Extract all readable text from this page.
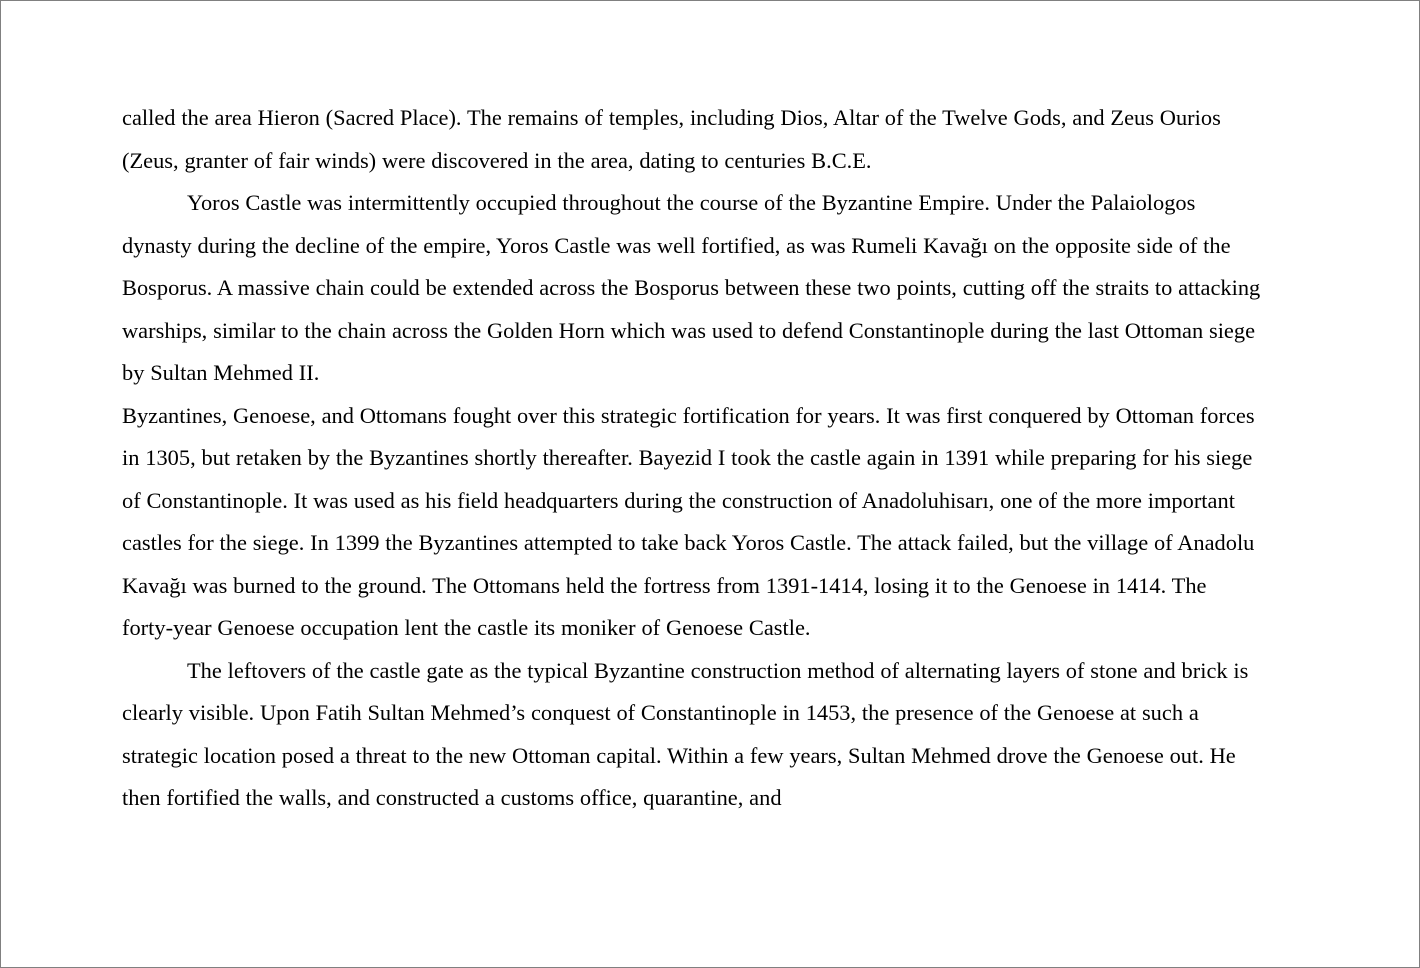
called the area Hieron (Sacred Place). The remains of temples, including Dios, Altar of the Twelve Gods, and Zeus Ourios (Zeus, granter of fair winds) were discovered in the area, dating to centuries B.C.E.

Yoros Castle was intermittently occupied throughout the course of the Byzantine Empire. Under the Palaiologos dynasty during the decline of the empire, Yoros Castle was well fortified, as was Rumeli Kavağı on the opposite side of the Bosporus. A massive chain could be extended across the Bosporus between these two points, cutting off the straits to attacking warships, similar to the chain across the Golden Horn which was used to defend Constantinople during the last Ottoman siege by Sultan Mehmed II.

Byzantines, Genoese, and Ottomans fought over this strategic fortification for years. It was first conquered by Ottoman forces in 1305, but retaken by the Byzantines shortly thereafter. Bayezid I took the castle again in 1391 while preparing for his siege of Constantinople. It was used as his field headquarters during the construction of Anadoluhisarı, one of the more important castles for the siege. In 1399 the Byzantines attempted to take back Yoros Castle. The attack failed, but the village of Anadolu Kavağı was burned to the ground. The Ottomans held the fortress from 1391-1414, losing it to the Genoese in 1414. The forty-year Genoese occupation lent the castle its moniker of Genoese Castle.

The leftovers of the castle gate as the typical Byzantine construction method of alternating layers of stone and brick is clearly visible. Upon Fatih Sultan Mehmed’s conquest of Constantinople in 1453, the presence of the Genoese at such a strategic location posed a threat to the new Ottoman capital. Within a few years, Sultan Mehmed drove the Genoese out. He then fortified the walls, and constructed a customs office, quarantine, and
